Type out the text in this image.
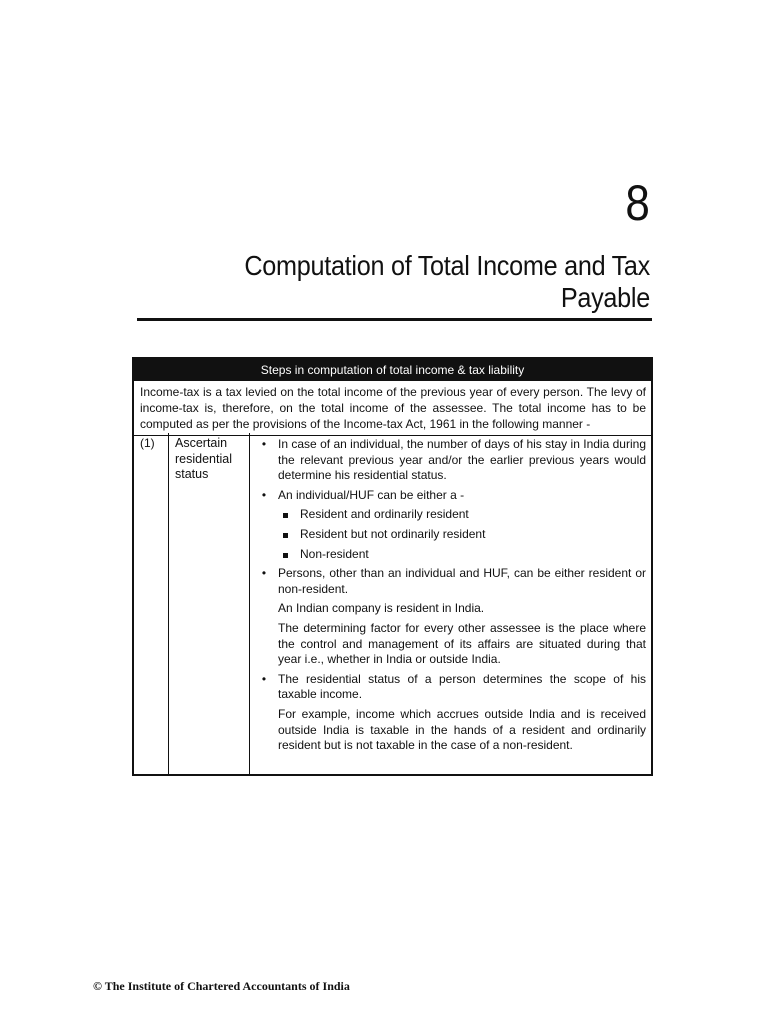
8
Computation of Total Income and Tax Payable
Steps in computation of total income & tax liability
Income-tax is a tax levied on the total income of the previous year of every person. The levy of income-tax is, therefore, on the total income of the assessee. The total income has to be computed as per the provisions of the Income-tax Act, 1961 in the following manner -
(1)	Ascertain residential status
• In case of an individual, the number of days of his stay in India during the relevant previous year and/or the earlier previous years would determine his residential status.
• An individual/HUF can be either a -
Resident and ordinarily resident
Resident but not ordinarily resident
Non-resident
• Persons, other than an individual and HUF, can be either resident or non-resident.
An Indian company is resident in India.
The determining factor for every other assessee is the place where the control and management of its affairs are situated during that year i.e., whether in India or outside India.
• The residential status of a person determines the scope of his taxable income.
For example, income which accrues outside India and is received outside India is taxable in the hands of a resident and ordinarily resident but is not taxable in the case of a non-resident.
© The Institute of Chartered Accountants of India
